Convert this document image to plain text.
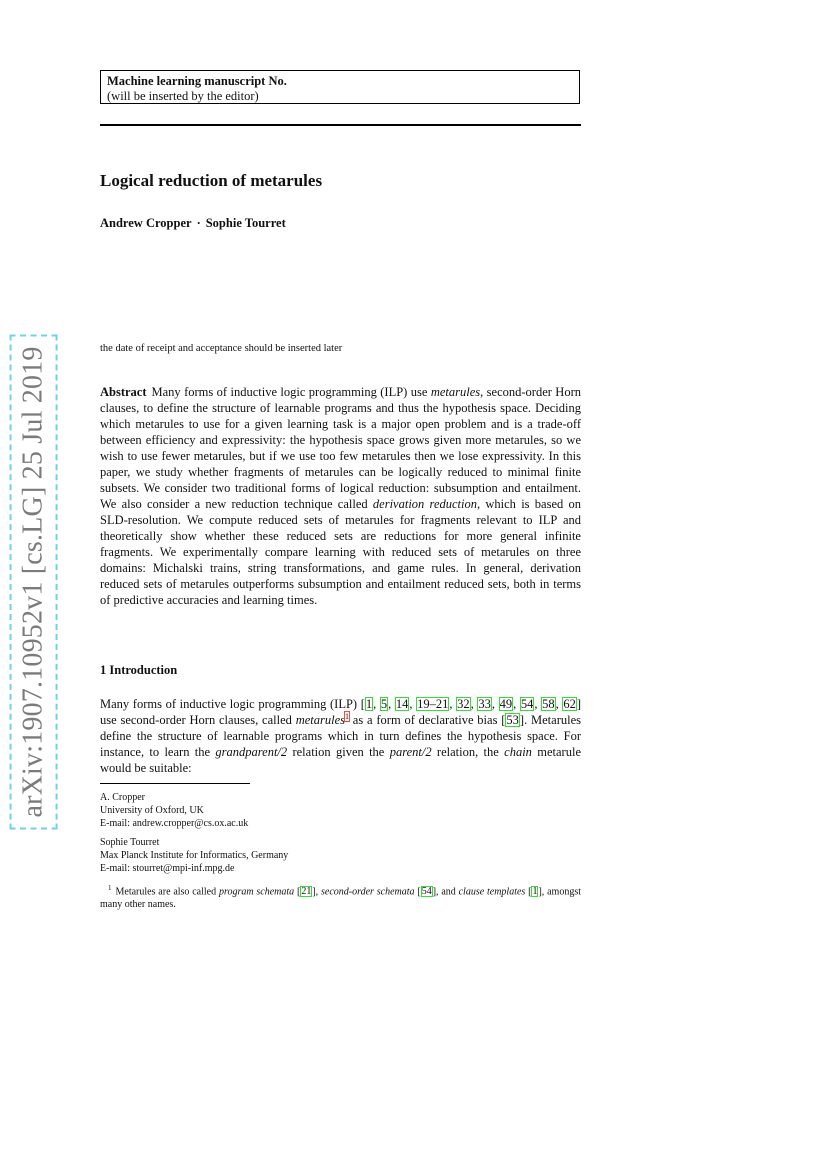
arXiv:1907.10952v1 [cs.LG] 25 Jul 2019
Machine learning manuscript No.
(will be inserted by the editor)
Logical reduction of metarules
Andrew Cropper · Sophie Tourret
the date of receipt and acceptance should be inserted later
Abstract Many forms of inductive logic programming (ILP) use metarules, second-order Horn clauses, to define the structure of learnable programs and thus the hypothesis space. Deciding which metarules to use for a given learning task is a major open problem and is a trade-off between efficiency and expressivity: the hypothesis space grows given more metarules, so we wish to use fewer metarules, but if we use too few metarules then we lose expressivity. In this paper, we study whether fragments of metarules can be logically reduced to minimal finite subsets. We consider two traditional forms of logical reduction: subsumption and entailment. We also consider a new reduction technique called derivation reduction, which is based on SLD-resolution. We compute reduced sets of metarules for fragments relevant to ILP and theoretically show whether these reduced sets are reductions for more general infinite fragments. We experimentally compare learning with reduced sets of metarules on three domains: Michalski trains, string transformations, and game rules. In general, derivation reduced sets of metarules outperforms subsumption and entailment reduced sets, both in terms of predictive accuracies and learning times.
1 Introduction
Many forms of inductive logic programming (ILP) [1, 5, 14, 19–21, 32, 33, 49, 54, 58, 62] use second-order Horn clauses, called metarules$^1$ as a form of declarative bias [53]. Metarules define the structure of learnable programs which in turn defines the hypothesis space. For instance, to learn the grandparent/2 relation given the parent/2 relation, the chain metarule would be suitable:
A. Cropper
University of Oxford, UK
E-mail: andrew.cropper@cs.ox.ac.uk
Sophie Tourret
Max Planck Institute for Informatics, Germany
E-mail: stourret@mpi-inf.mpg.de
$^1$ Metarules are also called program schemata [21], second-order schemata [54], and clause templates [1], amongst many other names.
